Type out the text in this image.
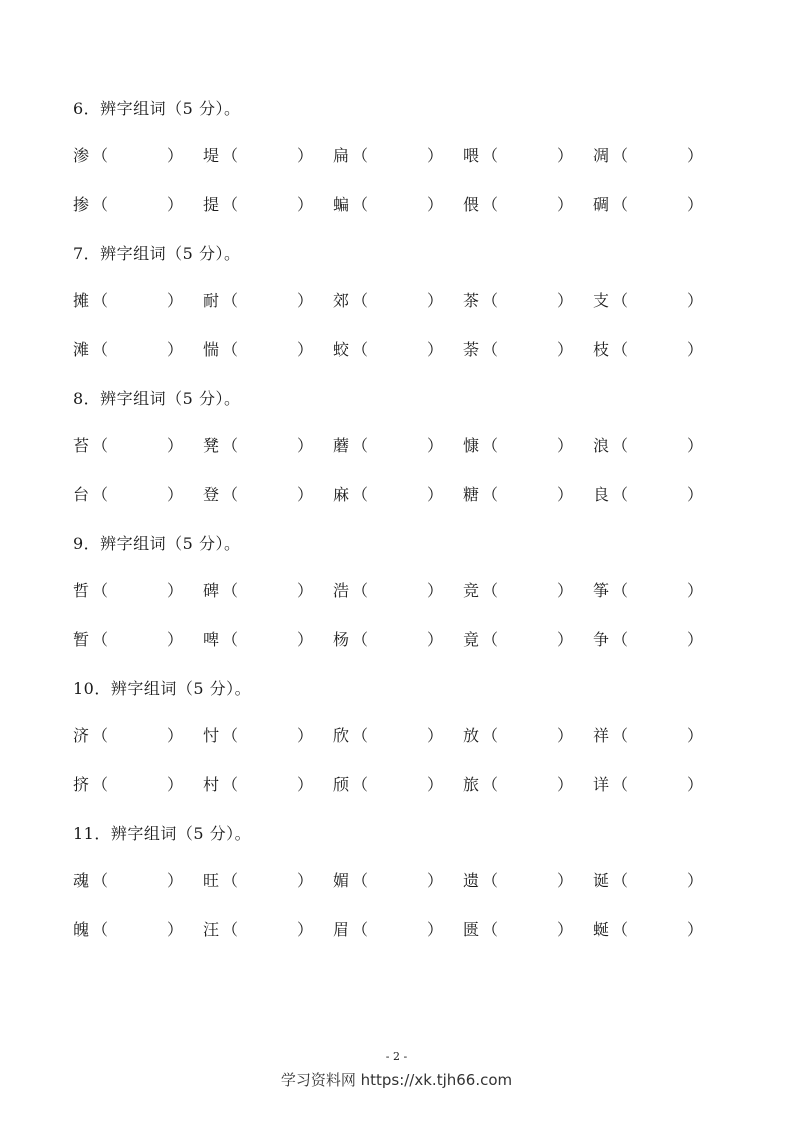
6．辨字组词（5 分）。
渗 （	） 堤 （	） 扁 （	） 喂 （	） 凋 （	）
掺 （	） 提 （	） 蝙 （	） 偎 （	） 碉 （	）
7．辨字组词（5 分）。
摊 （	） 耐 （	） 郊 （	） 茶 （	） 支 （	）
滩 （	） 惴 （	） 蛟 （	） 荼 （	） 枝 （	）
8．辨字组词（5 分）。
苔 （	） 凳 （	） 蘑 （	） 慷 （	） 浪 （	）
台 （	） 登 （	） 麻 （	） 糖 （	） 良 （	）
9．辨字组词（5 分）。
哲 （	） 碑 （	） 浩 （	） 竞 （	） 筝 （	）
暂 （	） 啤 （	） 杨 （	） 竟 （	） 争 （	）
10．辨字组词（5 分）。
济 （	） 忖 （	） 欣 （	） 放 （	） 祥 （	）
挤 （	） 村 （	） 颀 （	） 旅 （	） 详 （	）
11．辨字组词（5 分）。
魂 （	） 旺 （	） 媚 （	） 遗 （	） 诞 （	）
魄 （	） 汪 （	） 眉 （	） 匮 （	） 蜒 （	）
- 2 -
学习资料网 https://xk.tjh66.com
